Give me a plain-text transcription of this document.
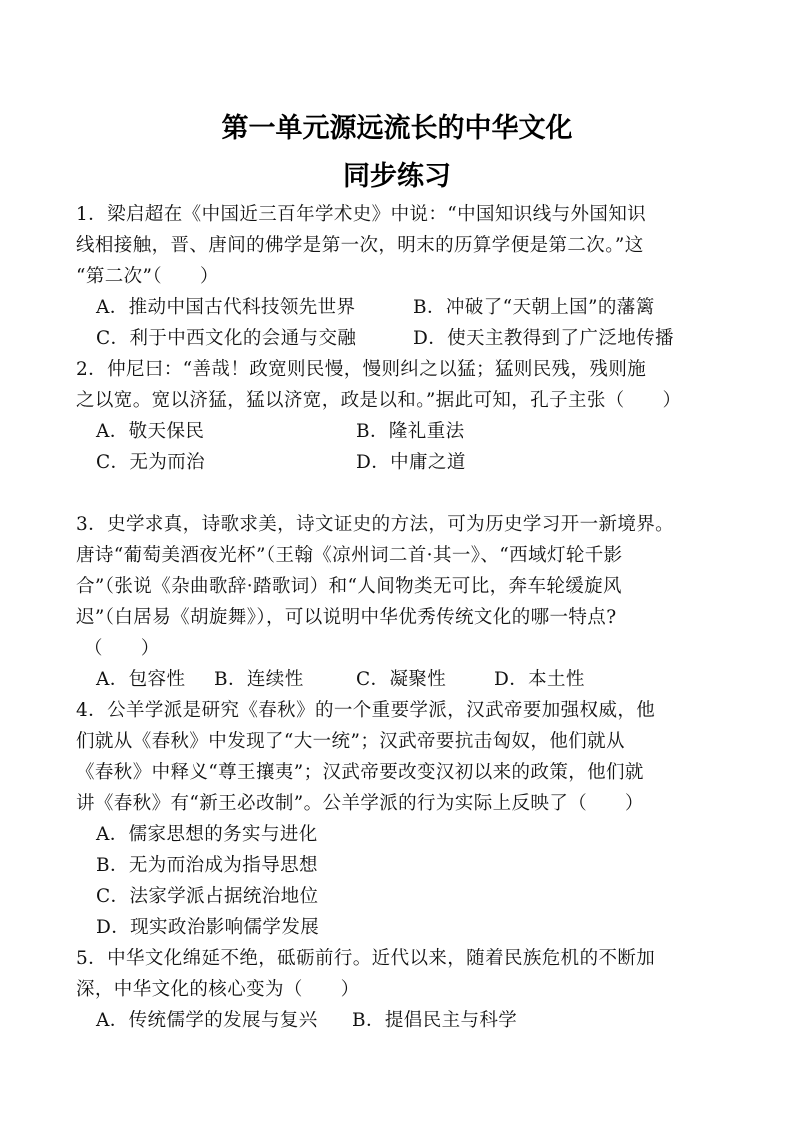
第一单元源远流长的中华文化
同步练习
1．梁启超在《中国近三百年学术史》中说：“中国知识线与外国知识
线相接触，晋、唐间的佛学是第一次，明末的历算学便是第二次。”这
“第二次”（　　）
A．推动中国古代科技领先世界	B．冲破了“天朝上国”的藩篱
C．利于中西文化的会通与交融	D．使天主教得到了广泛地传播
2．仲尼曰：“善哉！政宽则民慢，慢则纠之以猛；猛则民残，残则施
之以宽。宽以济猛，猛以济宽，政是以和。”据此可知，孔子主张（　　）
A．敬天保民	B．隆礼重法
C．无为而治	D．中庸之道
3．史学求真，诗歌求美，诗文证史的方法，可为历史学习开一新境界。
唐诗“葡萄美酒夜光杯”（王翰《凉州词二首·其一》、“西域灯轮千影
合”（张说《杂曲歌辞·踏歌词）和“人间物类无可比，奔车轮缓旋风
迟”（白居易《胡旋舞》），可以说明中华优秀传统文化的哪一特点?
（　　）
A．包容性 B．连续性	C．凝聚性	D．本土性
4．公羊学派是研究《春秋》的一个重要学派，汉武帝要加强权威，他
们就从《春秋》中发现了“大一统”；汉武帝要抗击匈奴，他们就从
《春秋》中释义“尊王攘夷”；汉武帝要改变汉初以来的政策，他们就
讲《春秋》有“新王必改制”。公羊学派的行为实际上反映了（　　）
A．儒家思想的务实与进化
B．无为而治成为指导思想
C．法家学派占据统治地位
D．现实政治影响儒学发展
5．中华文化绵延不绝，砥砺前行。近代以来，随着民族危机的不断加
深，中华文化的核心变为（　　）
A．传统儒学的发展与复兴 B．提倡民主与科学
